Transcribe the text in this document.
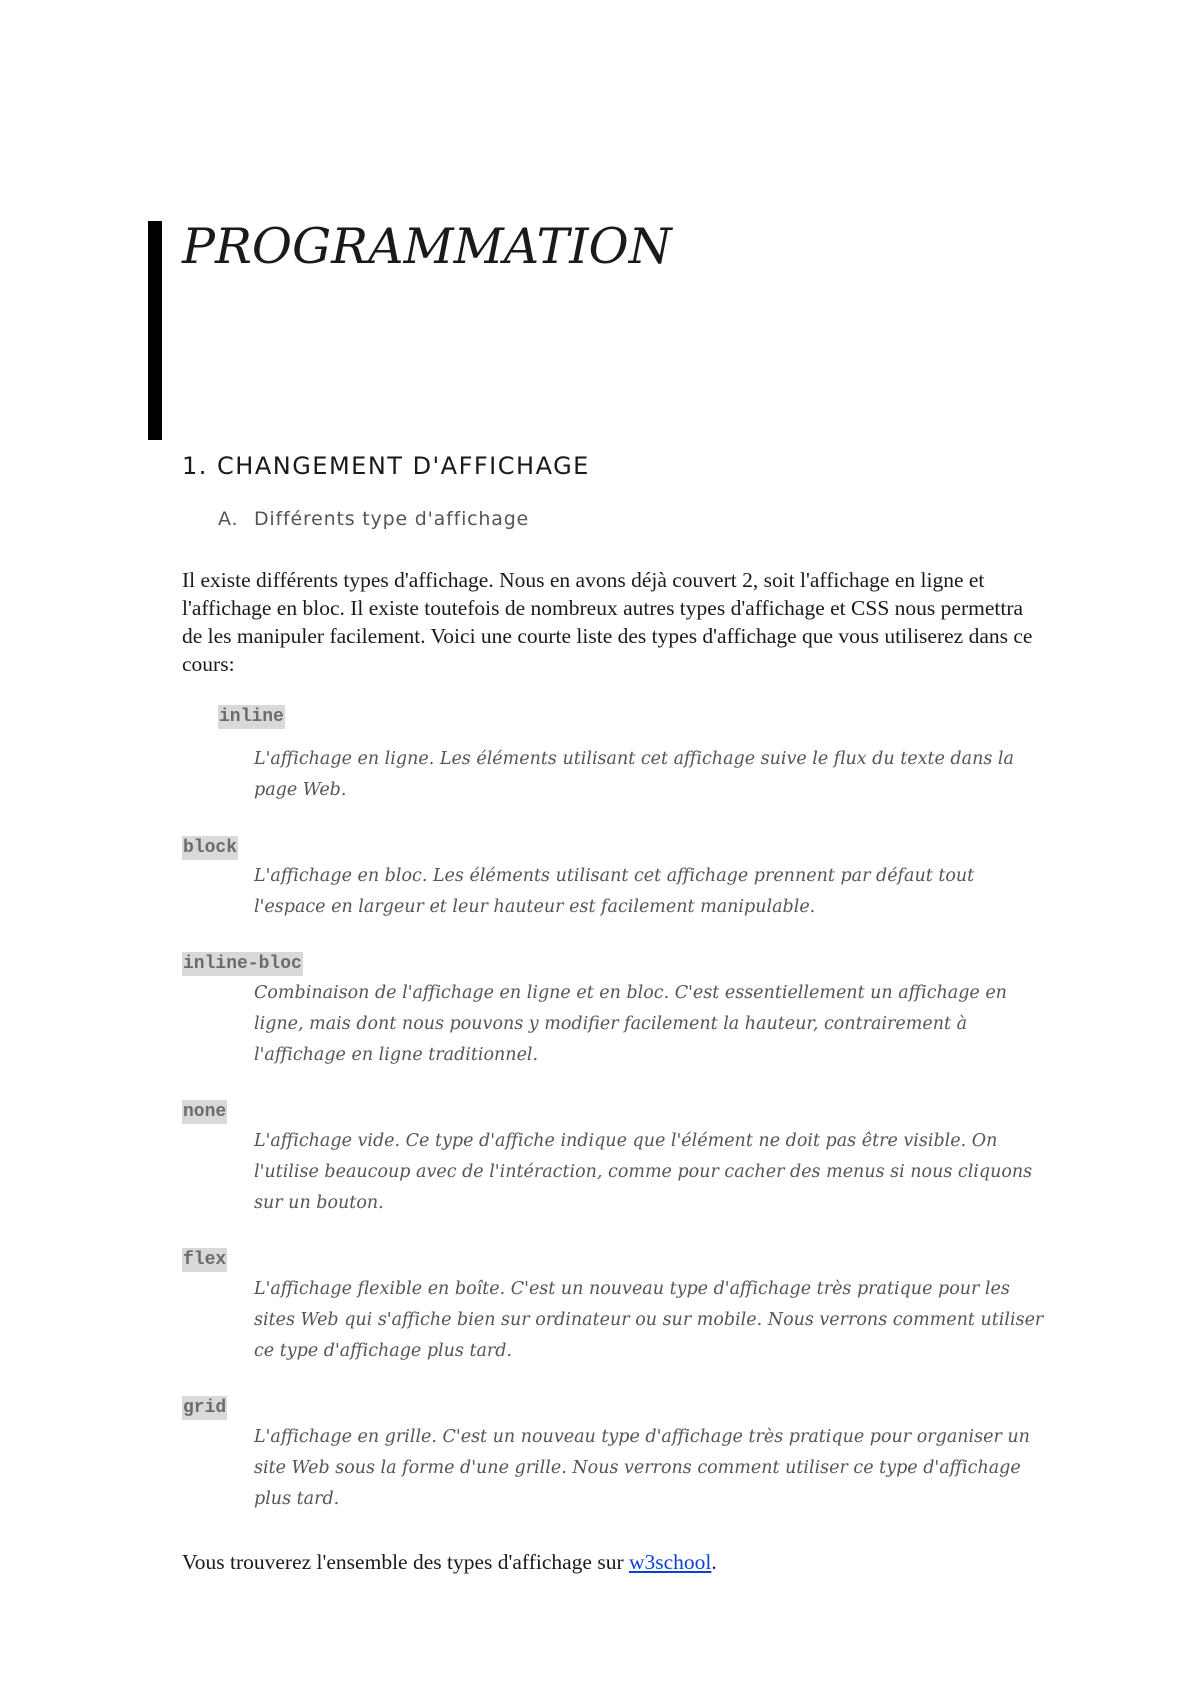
PROGRAMMATION
1. CHANGEMENT D'AFFICHAGE
A. Différents type d'affichage

Il existe différents types d'affichage. Nous en avons déjà couvert 2, soit l'affichage en ligne et l'affichage en bloc. Il existe toutefois de nombreux autres types d'affichage et CSS nous permettra de les manipuler facilement. Voici une courte liste des types d'affichage que vous utiliserez dans ce cours:

inline

L'affichage en ligne. Les éléments utilisant cet affichage suive le flux du texte dans la page Web.

block

L'affichage en bloc. Les éléments utilisant cet affichage prennent par défaut tout l'espace en largeur et leur hauteur est facilement manipulable.

inline-bloc

Combinaison de l'affichage en ligne et en bloc. C'est essentiellement un affichage en ligne, mais dont nous pouvons y modifier facilement la hauteur, contrairement à l'affichage en ligne traditionnel.

none

L'affichage vide. Ce type d'affiche indique que l'élément ne doit pas être visible. On l'utilise beaucoup avec de l'intéraction, comme pour cacher des menus si nous cliquons sur un bouton.

flex

L'affichage flexible en boîte. C'est un nouveau type d'affichage très pratique pour les sites Web qui s'affiche bien sur ordinateur ou sur mobile. Nous verrons comment utiliser ce type d'affichage plus tard.

grid

L'affichage en grille. C'est un nouveau type d'affichage très pratique pour organiser un site Web sous la forme d'une grille. Nous verrons comment utiliser ce type d'affichage plus tard.

Vous trouverez l'ensemble des types d'affichage sur w3school.
